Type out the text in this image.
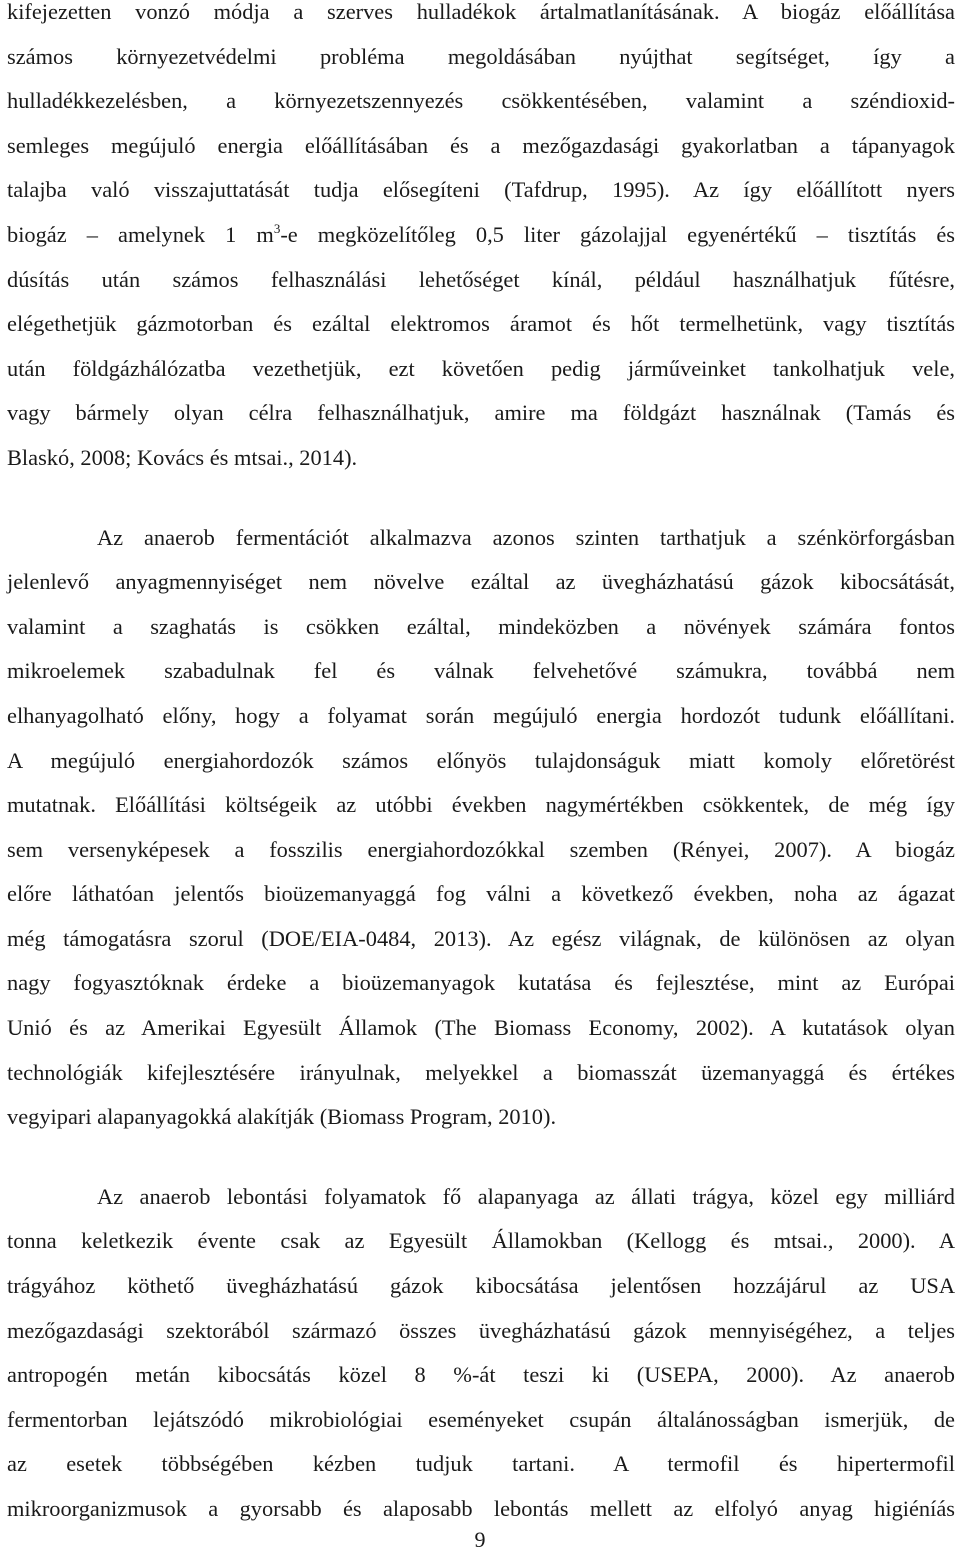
kifejezetten vonzó módja a szerves hulladékok ártalmatlanításának. A biogáz előállítása

számos környezetvédelmi probléma megoldásában nyújthat segítséget, így a

hulladékkezelésben, a környezetszennyezés csökkentésében, valamint a széndioxid-

semleges megújuló energia előállításában és a mezőgazdasági gyakorlatban a tápanyagok

talajba való visszajuttatását tudja elősegíteni (Tafdrup, 1995). Az így előállított nyers

biogáz – amelynek 1 $m^3-e$ megközelítőleg 0,5 liter gázolajjal egyenértékű – tisztítás és

dúsítás után számos felhasználási lehetőséget kínál, például használhatjuk fűtésre,

elégethetjük gázmotorban és ezáltal elektromos áramot és hőt termelhetünk, vagy tisztítás

után földgázhálózatba vezethetjük, ezt követően pedig járműveinket tankolhatjuk vele,

vagy bármely olyan célra felhasználhatjuk, amire ma földgázt használnak (Tamás és

Blaskó, 2008; Kovács és mtsai., 2014).

Az anaerob fermentációt alkalmazva azonos szinten tarthatjuk a szénkörforgásban

jelenlevő anyagmennyiséget nem növelve ezáltal az üvegházhatású gázok kibocsátását,

valamint a szaghatás is csökken ezáltal, mindeközben a növények számára fontos

mikroelemek szabadulnak fel és válnak felvehetővé számukra, továbbá nem

elhanyagolható előny, hogy a folyamat során megújuló energia hordozót tudunk előállítani.

A megújuló energiahordozók számos előnyös tulajdonságuk miatt komoly előretörést

mutatnak. Előállítási költségeik az utóbbi években nagymértékben csökkentek, de még így

sem versenyképesek a fosszilis energiahordozókkal szemben (Rényei, 2007). A biogáz

előre láthatóan jelentős bioüzemanyaggá fog válni a következő években, noha az ágazat

még támogatásra szorul (DOE/EIA-0484, 2013). Az egész világnak, de különösen az olyan

nagy fogyasztóknak érdeke a bioüzemanyagok kutatása és fejlesztése, mint az Európai

Unió és az Amerikai Egyesült Államok (The Biomass Economy, 2002). A kutatások olyan

technológiák kifejlesztésére irányulnak, melyekkel a biomasszát üzemanyaggá és értékes

vegyipari alapanyagokká alakítják (Biomass Program, 2010).

Az anaerob lebontási folyamatok fő alapanyaga az állati trágya, közel egy milliárd

tonna keletkezik évente csak az Egyesült Államokban (Kellogg és mtsai., 2000). A

trágyához köthető üvegházhatású gázok kibocsátása jelentősen hozzájárul az USA

mezőgazdasági szektorából származó összes üvegházhatású gázok mennyiségéhez, a teljes

antropogén metán kibocsátás közel 8 %-át teszi ki (USEPA, 2000). Az anaerob

fermentorban lejátszódó mikrobiológiai eseményeket csupán általánosságban ismerjük, de

az esetek többségében kézben tudjuk tartani. A termofil és hipertermofil

mikroorganizmusok a gyorsabb és alaposabb lebontás mellett az elfolyó anyag higiéníás

9
